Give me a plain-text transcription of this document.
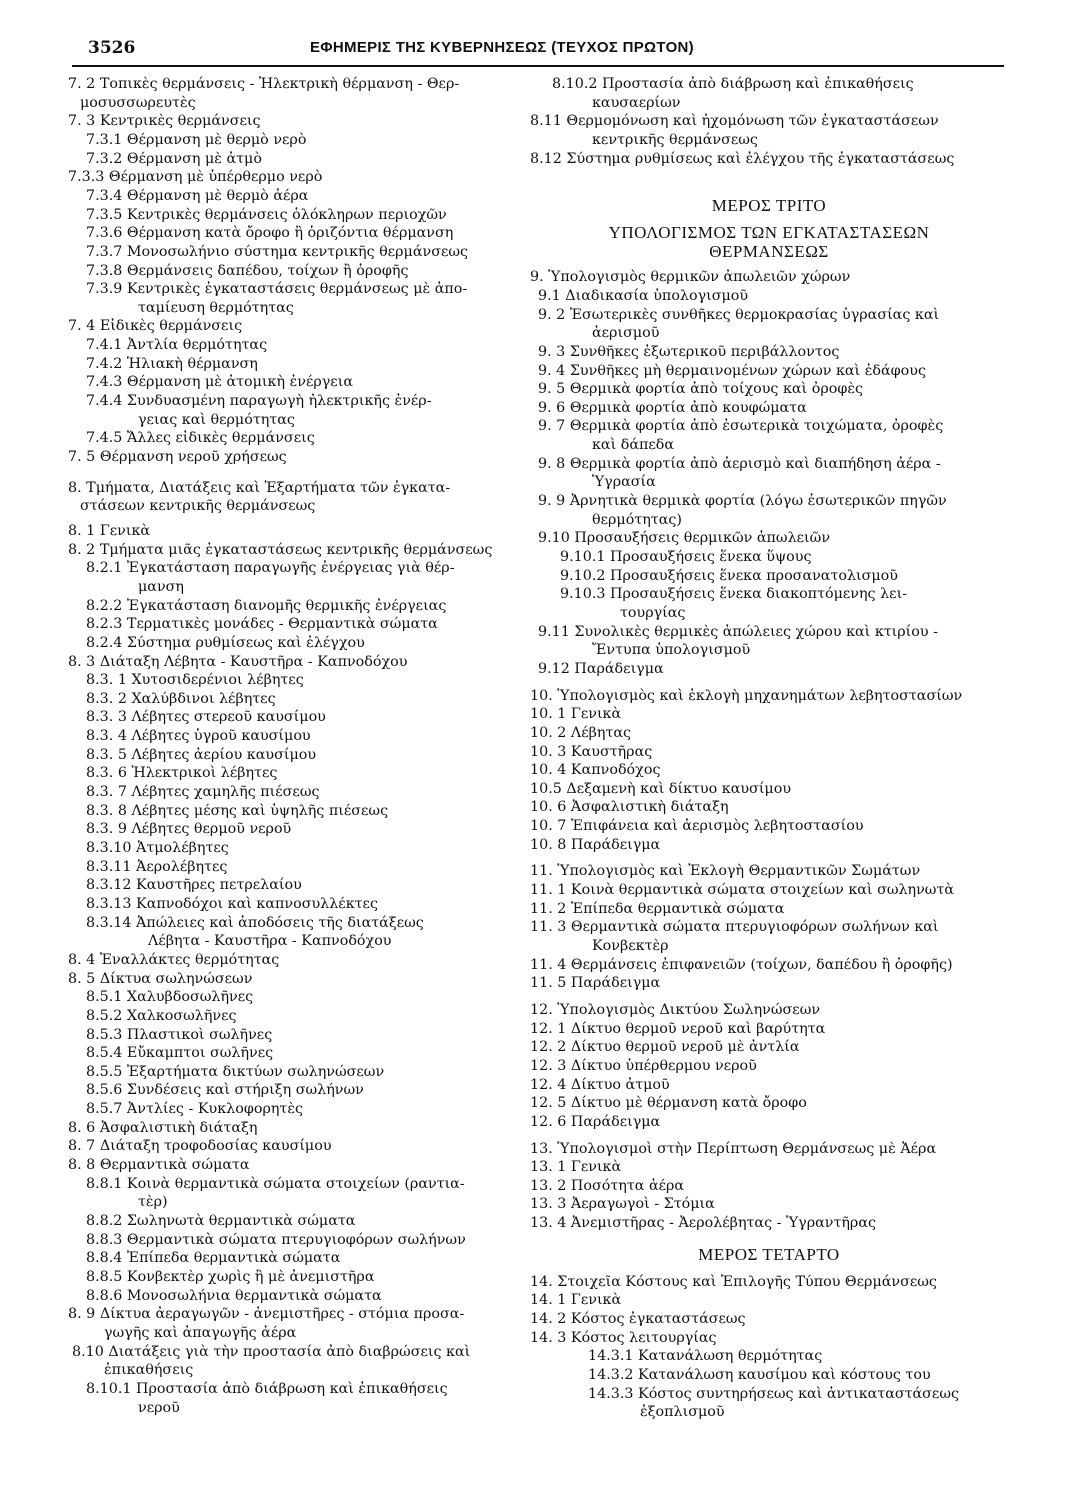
3526	ΕΦΗΜΕΡΙΣ ΤΗΣ ΚΥΒΕΡΝΗΣΕΩΣ (ΤΕΥΧΟΣ ΠΡΩΤΟΝ)
7. 2 Τοπικὲς θερμάνσεις - Ἠλεκτρικὴ θέρμανση - Θερ-
μοσυσσωρευτὲς
7. 3 Κεντρικὲς θερμάνσεις
7.3.1 Θέρμανση μὲ θερμὸ νερὸ
7.3.2 Θέρμανση μὲ ἀτμὸ
7.3.3 Θέρμανση μὲ ὑπέρθερμο νερὸ
7.3.4 Θέρμανση μὲ θερμὸ ἀέρα
7.3.5 Κεντρικὲς θερμάνσεις ὁλόκληρων περιοχῶν
7.3.6 Θέρμανση κατὰ ὄροφο ἢ ὁριζόντια θέρμανση
7.3.7 Μονοσωλήνιο σύστημα κεντρικῆς θερμάνσεως
7.3.8 Θερμάνσεις δαπέδου, τοίχων ἢ ὀροφῆς
7.3.9 Κεντρικὲς ἐγκαταστάσεις θερμάνσεως μὲ ἀπο-
ταμίευση θερμότητας
7. 4 Εἰδικὲς θερμάνσεις
7.4.1 Ἀντλία θερμότητας
7.4.2 Ἡλιακὴ θέρμανση
7.4.3 Θέρμανση μὲ ἀτομικὴ ἐνέργεια
7.4.4 Συνδυασμένη παραγωγὴ ἠλεκτρικῆς ἐνέρ-
γειας καὶ θερμότητας
7.4.5 Ἄλλες εἰδικὲς θερμάνσεις
7. 5 Θέρμανση νεροῦ χρήσεως
8. Τμήματα, Διατάξεις καὶ Ἐξαρτήματα τῶν ἐγκατα-
στάσεων κεντρικῆς θερμάνσεως
8. 1 Γενικὰ
8. 2 Τμήματα μιᾶς ἐγκαταστάσεως κεντρικῆς θερμάνσεως
8.2.1 Ἐγκατάσταση παραγωγῆς ἐνέργειας γιὰ θέρ-
μανση
8.2.2 Ἐγκατάσταση διανομῆς θερμικῆς ἐνέργειας
8.2.3 Τερματικὲς μονάδες - Θερμαντικὰ σώματα
8.2.4 Σύστημα ρυθμίσεως καὶ ἐλέγχου
8. 3 Διάταξη Λέβητα - Καυστῆρα - Καπνοδόχου
8.3. 1 Χυτοσιδερένιοι λέβητες
8.3. 2 Χαλύβδινοι λέβητες
8.3. 3 Λέβητες στερεοῦ καυσίμου
8.3. 4 Λέβητες ὑγροῦ καυσίμου
8.3. 5 Λέβητες ἀερίου καυσίμου
8.3. 6 Ἠλεκτρικοὶ λέβητες
8.3. 7 Λέβητες χαμηλῆς πιέσεως
8.3. 8 Λέβητες μέσης καὶ ὑψηλῆς πιέσεως
8.3. 9 Λέβητες θερμοῦ νεροῦ
8.3.10 Ἀτμολέβητες
8.3.11 Ἀερολέβητες
8.3.12 Καυστῆρες πετρελαίου
8.3.13 Καπνοδόχοι καὶ καπνοσυλλέκτες
8.3.14 Ἀπώλειες καὶ ἀποδόσεις τῆς διατάξεως
Λέβητα - Καυστῆρα - Καπνοδόχου
8. 4 Ἐναλλάκτες θερμότητας
8. 5 Δίκτυα σωληνώσεων
8.5.1 Χαλυβδοσωλῆνες
8.5.2 Χαλκοσωλῆνες
8.5.3 Πλαστικοὶ σωλῆνες
8.5.4 Εὔκαμπτοι σωλῆνες
8.5.5 Ἐξαρτήματα δικτύων σωληνώσεων
8.5.6 Συνδέσεις καὶ στήριξη σωλήνων
8.5.7 Ἀντλίες - Κυκλοφορητὲς
8. 6 Ἀσφαλιστικὴ διάταξη
8. 7 Διάταξη τροφοδοσίας καυσίμου
8. 8 Θερμαντικὰ σώματα
8.8.1 Κοινὰ θερμαντικὰ σώματα στοιχείων (ραντια-
τὲρ)
8.8.2 Σωληνωτὰ θερμαντικὰ σώματα
8.8.3 Θερμαντικὰ σώματα πτερυγιοφόρων σωλήνων
8.8.4 Ἐπίπεδα θερμαντικὰ σώματα
8.8.5 Κονβεκτὲρ χωρὶς ἢ μὲ ἀνεμιστῆρα
8.8.6 Μονοσωλήνια θερμαντικὰ σώματα
8. 9 Δίκτυα ἀεραγωγῶν - ἀνεμιστῆρες - στόμια προσα-
γωγῆς καὶ ἀπαγωγῆς ἀέρα
8.10 Διατάξεις γιὰ τὴν προστασία ἀπὸ διαβρώσεις καὶ
ἐπικαθήσεις
8.10.1 Προστασία ἀπὸ διάβρωση καὶ ἐπικαθήσεις
νεροῦ
8.10.2 Προστασία ἀπὸ διάβρωση καὶ ἐπικαθήσεις
καυσαερίων
8.11 Θερμομόνωση καὶ ἠχομόνωση τῶν ἐγκαταστάσεων
κεντρικῆς θερμάνσεως
8.12 Σύστημα ρυθμίσεως καὶ ἐλέγχου τῆς ἐγκαταστάσεως
ΜΕΡΟΣ ΤΡΙΤΟ
ΥΠΟΛΟΓΙΣΜΟΣ ΤΩΝ ΕΓΚΑΤΑΣΤΑΣΕΩΝ
ΘΕΡΜΑΝΣΕΩΣ
9. Ὑπολογισμὸς θερμικῶν ἀπωλειῶν χώρων
9.1 Διαδικασία ὑπολογισμοῦ
9. 2 Ἐσωτερικὲς συνθῆκες θερμοκρασίας ὑγρασίας καὶ
ἀερισμοῦ
9. 3 Συνθῆκες ἐξωτερικοῦ περιβάλλοντος
9. 4 Συνθῆκες μὴ θερμαινομένων χώρων καὶ ἐδάφους
9. 5 Θερμικὰ φορτία ἀπὸ τοίχους καὶ ὀροφὲς
9. 6 Θερμικὰ φορτία ἀπὸ κουφώματα
9. 7 Θερμικὰ φορτία ἀπὸ ἐσωτερικὰ τοιχώματα, ὀροφὲς
καὶ δάπεδα
9. 8 Θερμικὰ φορτία ἀπὸ ἀερισμὸ καὶ διαπήδηση ἀέρα -
Ὑγρασία
9. 9 Ἀρνητικὰ θερμικὰ φορτία (λόγω ἐσωτερικῶν πηγῶν
θερμότητας)
9.10 Προσαυξήσεις θερμικῶν ἀπωλειῶν
9.10.1 Προσαυξήσεις ἕνεκα ὕψους
9.10.2 Προσαυξήσεις ἕνεκα προσανατολισμοῦ
9.10.3 Προσαυξήσεις ἕνεκα διακοπτόμενης λει-
τουργίας
9.11 Συνολικὲς θερμικὲς ἀπώλειες χώρου καὶ κτιρίου -
Ἔντυπα ὑπολογισμοῦ
9.12 Παράδειγμα
10. Ὑπολογισμὸς καὶ ἐκλογὴ μηχανημάτων λεβητοστασίων
10. 1 Γενικὰ
10. 2 Λέβητας
10. 3 Καυστῆρας
10. 4 Καπνοδόχος
10.5 Δεξαμενὴ καὶ δίκτυο καυσίμου
10. 6 Ἀσφαλιστικὴ διάταξη
10. 7 Ἐπιφάνεια καὶ ἀερισμὸς λεβητοστασίου
10. 8 Παράδειγμα
11. Ὑπολογισμὸς καὶ Ἐκλογὴ Θερμαντικῶν Σωμάτων
11. 1 Κοινὰ θερμαντικὰ σώματα στοιχείων καὶ σωληνωτὰ
11. 2 Ἐπίπεδα θερμαντικὰ σώματα
11. 3 Θερμαντικὰ σώματα πτερυγιοφόρων σωλήνων καὶ
Κονβεκτὲρ
11. 4 Θερμάνσεις ἐπιφανειῶν (τοίχων, δαπέδου ἢ ὀροφῆς)
11. 5 Παράδειγμα
12. Ὑπολογισμὸς Δικτύου Σωληνώσεων
12. 1 Δίκτυο θερμοῦ νεροῦ καὶ βαρύτητα
12. 2 Δίκτυο θερμοῦ νεροῦ μὲ ἀντλία
12. 3 Δίκτυο ὑπέρθερμου νεροῦ
12. 4 Δίκτυο ἀτμοῦ
12. 5 Δίκτυο μὲ θέρμανση κατὰ ὄροφο
12. 6 Παράδειγμα
13. Ὑπολογισμοὶ στὴν Περίπτωση Θερμάνσεως μὲ Ἀέρα
13. 1 Γενικὰ
13. 2 Ποσότητα ἀέρα
13. 3 Ἀεραγωγοὶ - Στόμια
13. 4 Ἀνεμιστῆρας - Ἀερολέβητας - Ὑγραντῆρας
ΜΕΡΟΣ ΤΕΤΑΡΤΟ
14. Στοιχεῖα Κόστους καὶ Ἐπιλογῆς Τύπου Θερμάνσεως
14. 1 Γενικὰ
14. 2 Κόστος ἐγκαταστάσεως
14. 3 Κόστος λειτουργίας
14.3.1 Κατανάλωση θερμότητας
14.3.2 Κατανάλωση καυσίμου καὶ κόστους του
14.3.3 Κόστος συντηρήσεως καὶ ἀντικαταστάσεως
ἐξοπλισμοῦ
